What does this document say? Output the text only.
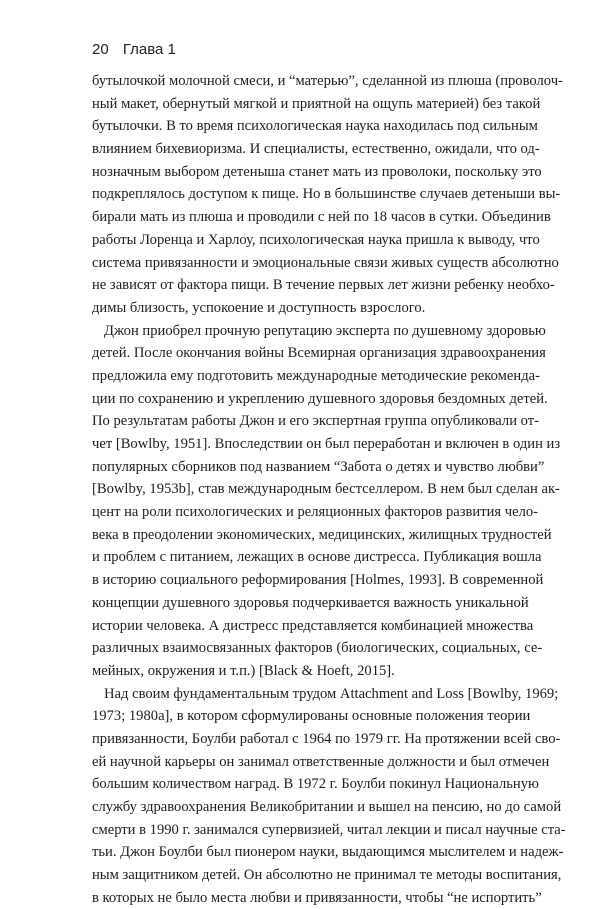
20 Глава 1
бутылочкой молочной смеси, и “матерью”, сделанной из плюша (проволоч-
ный макет, обернутый мягкой и приятной на ощупь материей) без такой
бутылочки. В то время психологическая наука находилась под сильным
влиянием бихевиоризма. И специалисты, естественно, ожидали, что од-
нозначным выбором детеныша станет мать из проволоки, поскольку это
подкреплялось доступом к пище. Но в большинстве случаев детеныши вы-
бирали мать из плюша и проводили с ней по 18 часов в сутки. Объединив
работы Лоренца и Харлоу, психологическая наука пришла к выводу, что
система привязанности и эмоциональные связи живых существ абсолютно
не зависят от фактора пищи. В течение первых лет жизни ребенку необхо-
димы близость, успокоение и доступность взрослого.
Джон приобрел прочную репутацию эксперта по душевному здоровью
детей. После окончания войны Всемирная организация здравоохранения
предложила ему подготовить международные методические рекоменда-
ции по сохранению и укреплению душевного здоровья бездомных детей.
По результатам работы Джон и его экспертная группа опубликовали от-
чет [Bowlby, 1951]. Впоследствии он был переработан и включен в один из
популярных сборников под названием “Забота о детях и чувство любви”
[Bowlby, 1953b], став международным бестселлером. В нем был сделан ак-
цент на роли психологических и реляционных факторов развития чело-
века в преодолении экономических, медицинских, жилищных трудностей
и проблем с питанием, лежащих в основе дистресса. Публикация вошла
в историю социального реформирования [Holmes, 1993]. В современной
концепции душевного здоровья подчеркивается важность уникальной
истории человека. А дистресс представляется комбинацией множества
различных взаимосвязанных факторов (биологических, социальных, се-
мейных, окружения и т.п.) [Black & Hoeft, 2015].
Над своим фундаментальным трудом Attachment and Loss [Bowlby, 1969;
1973; 1980a], в котором сформулированы основные положения теории
привязанности, Боулби работал с 1964 по 1979 гг. На протяжении всей сво-
ей научной карьеры он занимал ответственные должности и был отмечен
большим количеством наград. В 1972 г. Боулби покинул Национальную
службу здравоохранения Великобритании и вышел на пенсию, но до самой
смерти в 1990 г. занимался супервизией, читал лекции и писал научные ста-
тьи. Джон Боулби был пионером науки, выдающимся мыслителем и надеж-
ным защитником детей. Он абсолютно не принимал те методы воспитания,
в которых не было места любви и привязанности, чтобы “не испортить”
